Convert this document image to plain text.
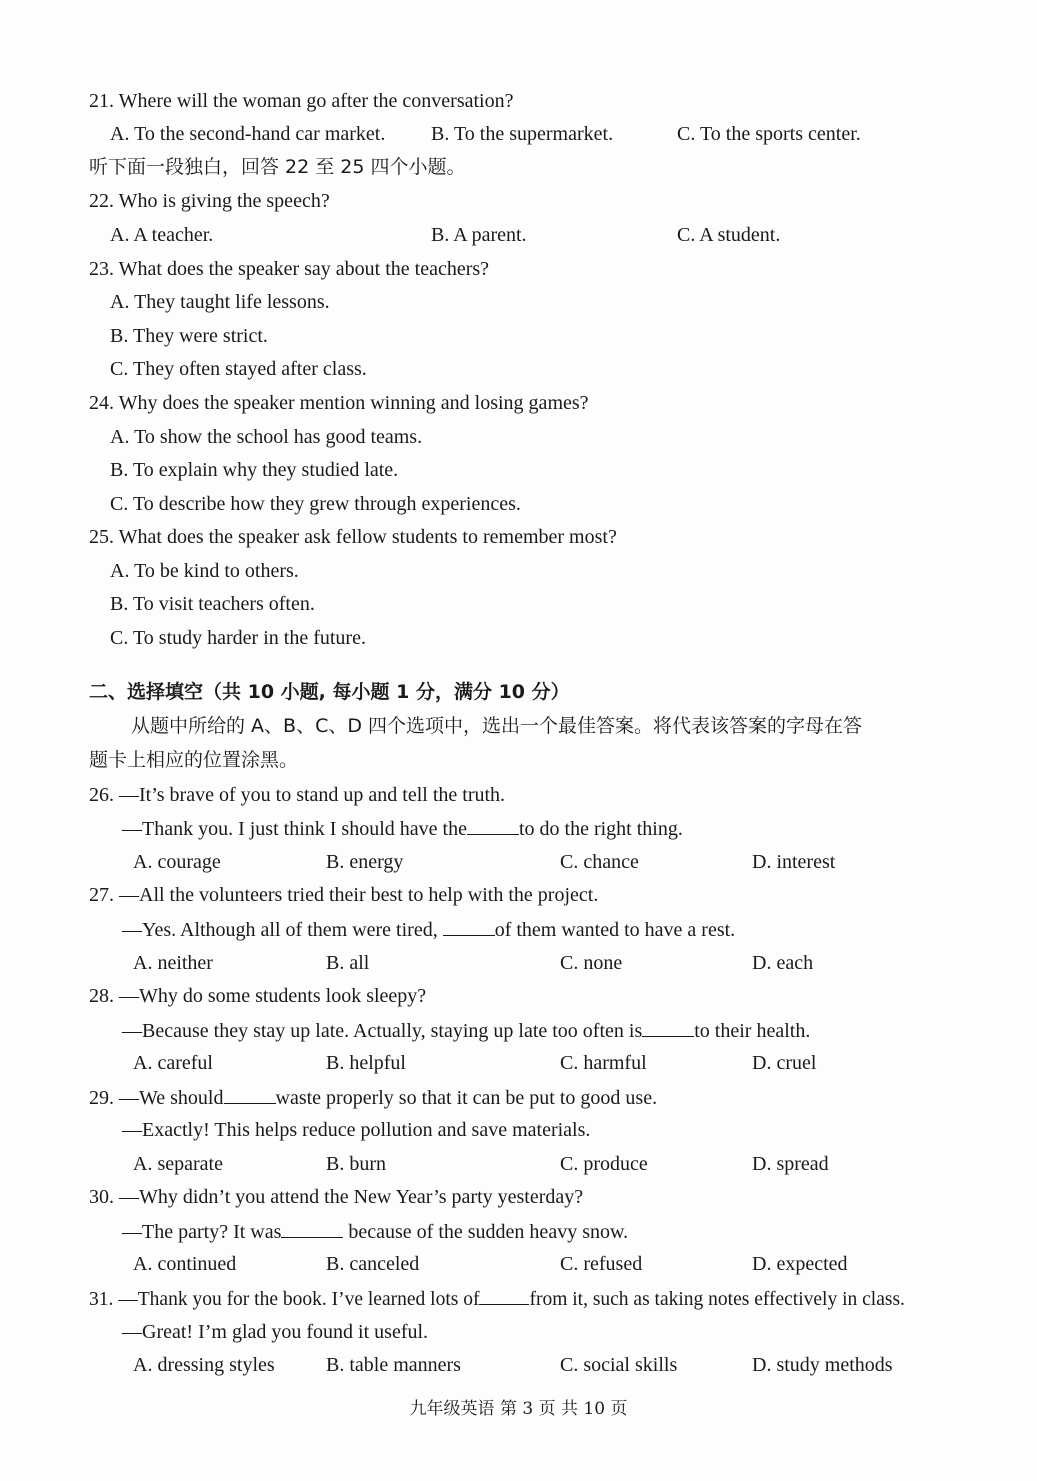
21. Where will the woman go after the conversation?
A. To the second-hand car market. B. To the supermarket.	C. To the sports center.
听下面一段独白，回答 22 至 25 四个小题。
22. Who is giving the speech?
A. A teacher.	B. A parent.	C. A student.
23. What does the speaker say about the teachers?
A. They taught life lessons.
B. They were strict.
C. They often stayed after class.
24. Why does the speaker mention winning and losing games?
A. To show the school has good teams.
B. To explain why they studied late.
C. To describe how they grew through experiences.
25. What does the speaker ask fellow students to remember most?
A. To be kind to others.
B. To visit teachers often.
C. To study harder in the future.
二、选择填空（共 10 小题, 每小题 1 分，满分 10 分）
从题中所给的 A、B、C、D 四个选项中，选出一个最佳答案。将代表该答案的字母在答
题卡上相应的位置涂黑。
26. —It’s brave of you to stand up and tell the truth.
—Thank you. I just think I should have the	to do the right thing.
A. courage	B. energy	C. chance	D. interest
27. —All the volunteers tried their best to help with the project.
—Yes. Although all of them were tired,	of them wanted to have a rest.
A. neither	B. all	C. none	D. each
28. —Why do some students look sleepy?
—Because they stay up late. Actually, staying up late too often is	to their health.
A. careful	B. helpful	C. harmful	D. cruel
29. —We should	waste properly so that it can be put to good use.
—Exactly! This helps reduce pollution and save materials.
A. separate	B. burn	C. produce	D. spread
30. —Why didn’t you attend the New Year’s party yesterday?
—The party? It was	because of the sudden heavy snow.
A. continued	B. canceled	C. refused	D. expected
31. —Thank you for the book. I’ve learned lots of	from it, such as taking notes effectively in class.
—Great! I’m glad you found it useful.
A. dressing styles	B. table manners	C. social skills	D. study methods
九年级英语 第 3 页 共 10 页
